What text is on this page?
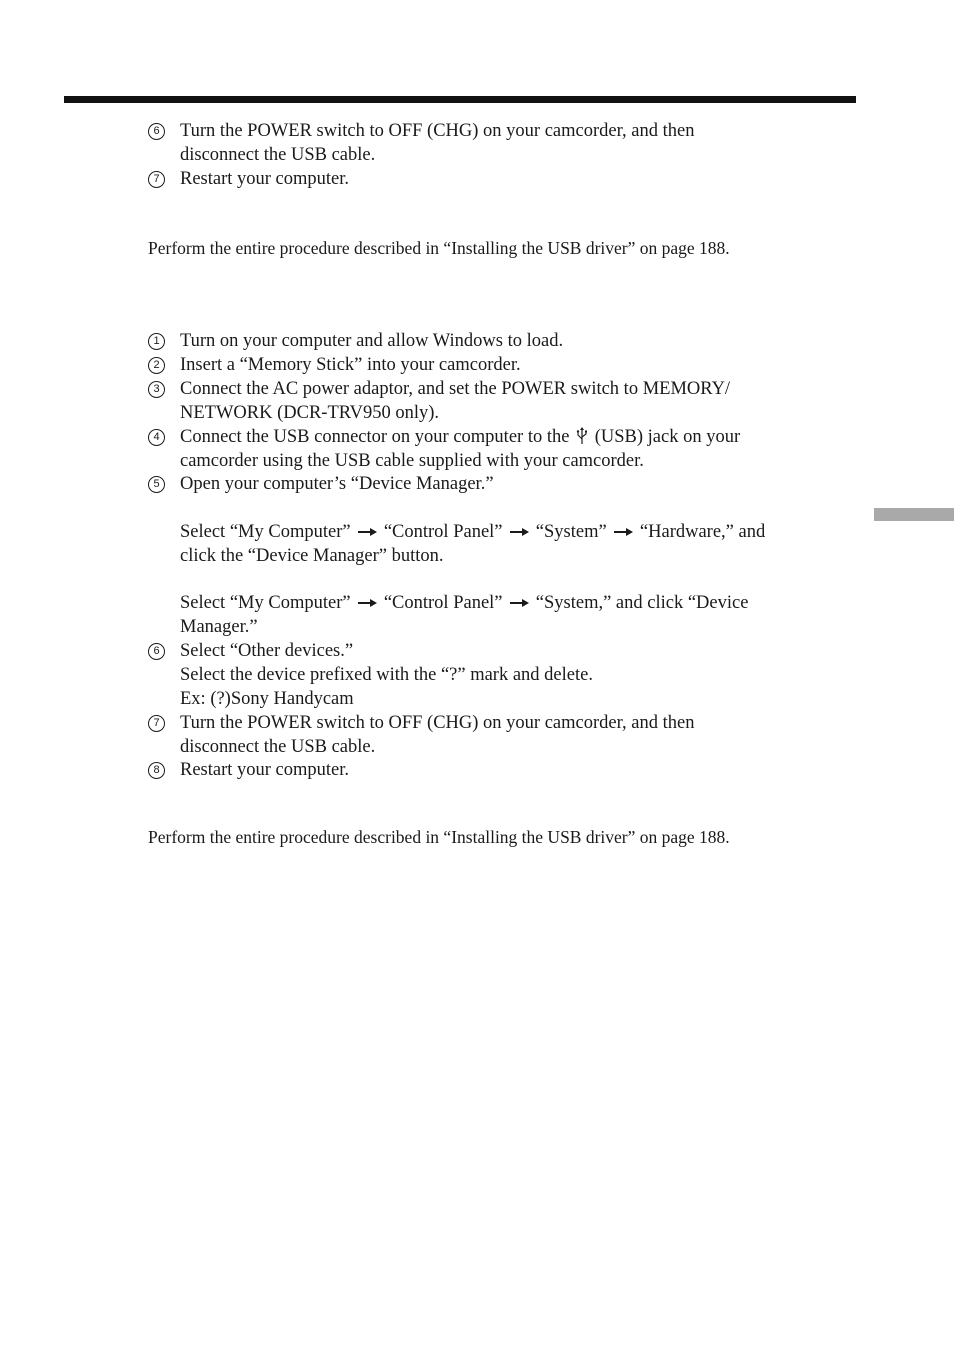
6 Turn the POWER switch to OFF (CHG) on your camcorder, and then
disconnect the USB cable.
7 Restart your computer.
Perform the entire procedure described in “Installing the USB driver” on page 188.
1 Turn on your computer and allow Windows to load.
2 Insert a “Memory Stick” into your camcorder.
3 Connect the AC power adaptor, and set the POWER switch to MEMORY/
NETWORK (DCR-TRV950 only).
4 Connect the USB connector on your computer to the (USB) jack on your
camcorder using the USB cable supplied with your camcorder.
5 Open your computer’s “Device Manager.”
Select “My Computer” “Control Panel” “System” “Hardware,” and
click the “Device Manager” button.
Select “My Computer” “Control Panel” “System,” and click “Device
Manager.”
6 Select “Other devices.”
Select the device prefixed with the “?” mark and delete.
Ex: (?)Sony Handycam
7 Turn the POWER switch to OFF (CHG) on your camcorder, and then
disconnect the USB cable.
8 Restart your computer.
Perform the entire procedure described in “Installing the USB driver” on page 188.
